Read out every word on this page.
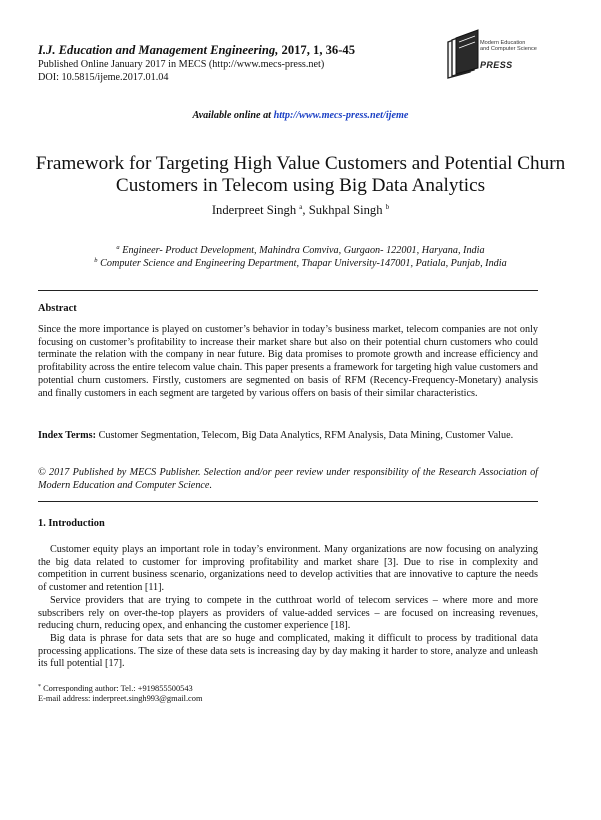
I.J. Education and Management Engineering, 2017, 1, 36-45
Published Online January 2017 in MECS (http://www.mecs-press.net)
DOI: 10.5815/ijeme.2017.01.04
Modern Education
and Computer Science
PRESS
Available online at http://www.mecs-press.net/ijeme
Framework for Targeting High Value Customers and Potential Churn
Customers in Telecom using Big Data Analytics
Inderpreet Singh $^a$, Sukhpal Singh $^b$
$^a$ Engineer- Product Development, Mahindra Comviva, Gurgaon- 122001, Haryana, India
$^b$ Computer Science and Engineering Department, Thapar University-147001, Patiala, Punjab, India
Abstract
Since the more importance is played on customer’s behavior in today’s business market, telecom companies are not only focusing on customer’s profitability to increase their market share but also on their potential churn customers who could terminate the relation with the company in near future. Big data promises to promote growth and increase efficiency and profitability across the entire telecom value chain. This paper presents a framework for targeting high value customers and potential churn customers. Firstly, customers are segmented on basis of RFM (Recency-Frequency-Monetary) analysis and finally customers in each segment are targeted by various offers on basis of their similar characteristics.
Index Terms: Customer Segmentation, Telecom, Big Data Analytics, RFM Analysis, Data Mining, Customer Value.
© 2017 Published by MECS Publisher. Selection and/or peer review under responsibility of the Research Association of Modern Education and Computer Science.
1. Introduction
Customer equity plays an important role in today’s environment. Many organizations are now focusing on analyzing the big data related to customer for improving profitability and market share [3]. Due to rise in complexity and competition in current business scenario, organizations need to develop activities that are innovative to capture the needs of customer and retention [11].
Service providers that are trying to compete in the cutthroat world of telecom services – where more and more subscribers rely on over-the-top players as providers of value-added services – are focused on increasing revenues, reducing churn, reducing opex, and enhancing the customer experience [18].
Big data is phrase for data sets that are so huge and complicated, making it difficult to process by traditional data processing applications. The size of these data sets is increasing day by day making it harder to store, analyze and unleash its full potential [17].
* Corresponding author: Tel.: +919855500543
E-mail address: inderpreet.singh993@gmail.com
